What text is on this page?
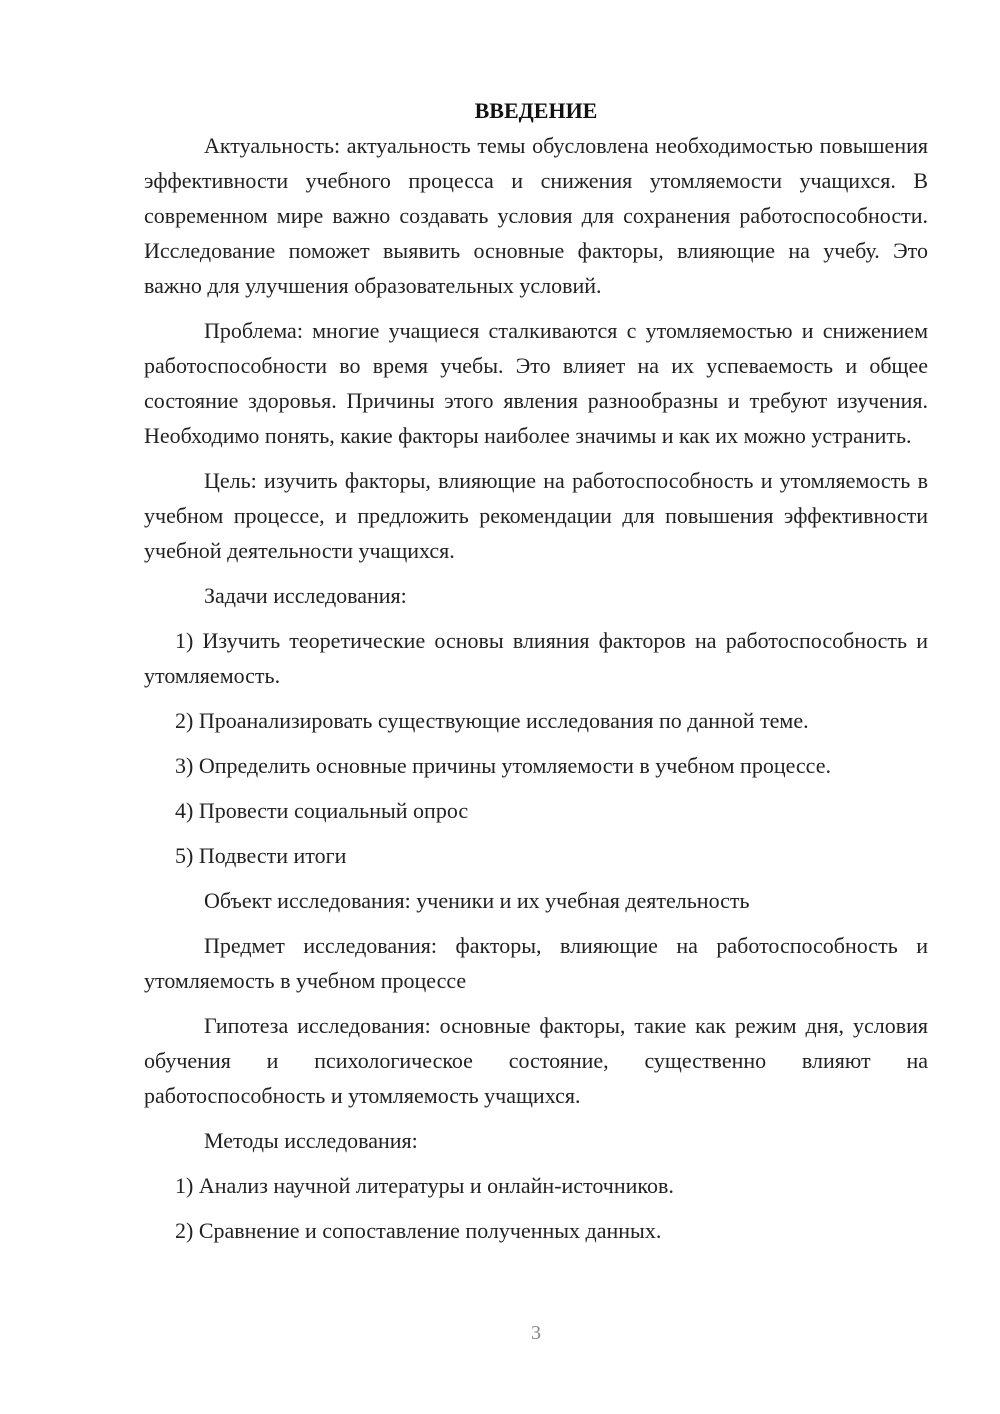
ВВЕДЕНИЕ

Актуальность: актуальность темы обусловлена необходимостью повышения эффективности учебного процесса и снижения утомляемости учащихся. В современном мире важно создавать условия для сохранения работоспособности. Исследование поможет выявить основные факторы, влияющие на учебу. Это важно для улучшения образовательных условий.

Проблема: многие учащиеся сталкиваются с утомляемостью и снижением работоспособности во время учебы. Это влияет на их успеваемость и общее состояние здоровья. Причины этого явления разнообразны и требуют изучения. Необходимо понять, какие факторы наиболее значимы и как их можно устранить.

Цель: изучить факторы, влияющие на работоспособность и утомляемость в учебном процессе, и предложить рекомендации для повышения эффективности учебной деятельности учащихся.

Задачи исследования:

1) Изучить теоретические основы влияния факторов на работоспособность и утомляемость.

2) Проанализировать существующие исследования по данной теме.

3) Определить основные причины утомляемости в учебном процессе.

4) Провести социальный опрос

5) Подвести итоги

Объект исследования: ученики и их учебная деятельность

Предмет исследования: факторы, влияющие на работоспособность и утомляемость в учебном процессе

Гипотеза исследования: основные факторы, такие как режим дня, условия обучения и психологическое состояние, существенно влияют на работоспособность и утомляемость учащихся.

Методы исследования:

1) Анализ научной литературы и онлайн-источников.

2) Сравнение и сопоставление полученных данных.

3
